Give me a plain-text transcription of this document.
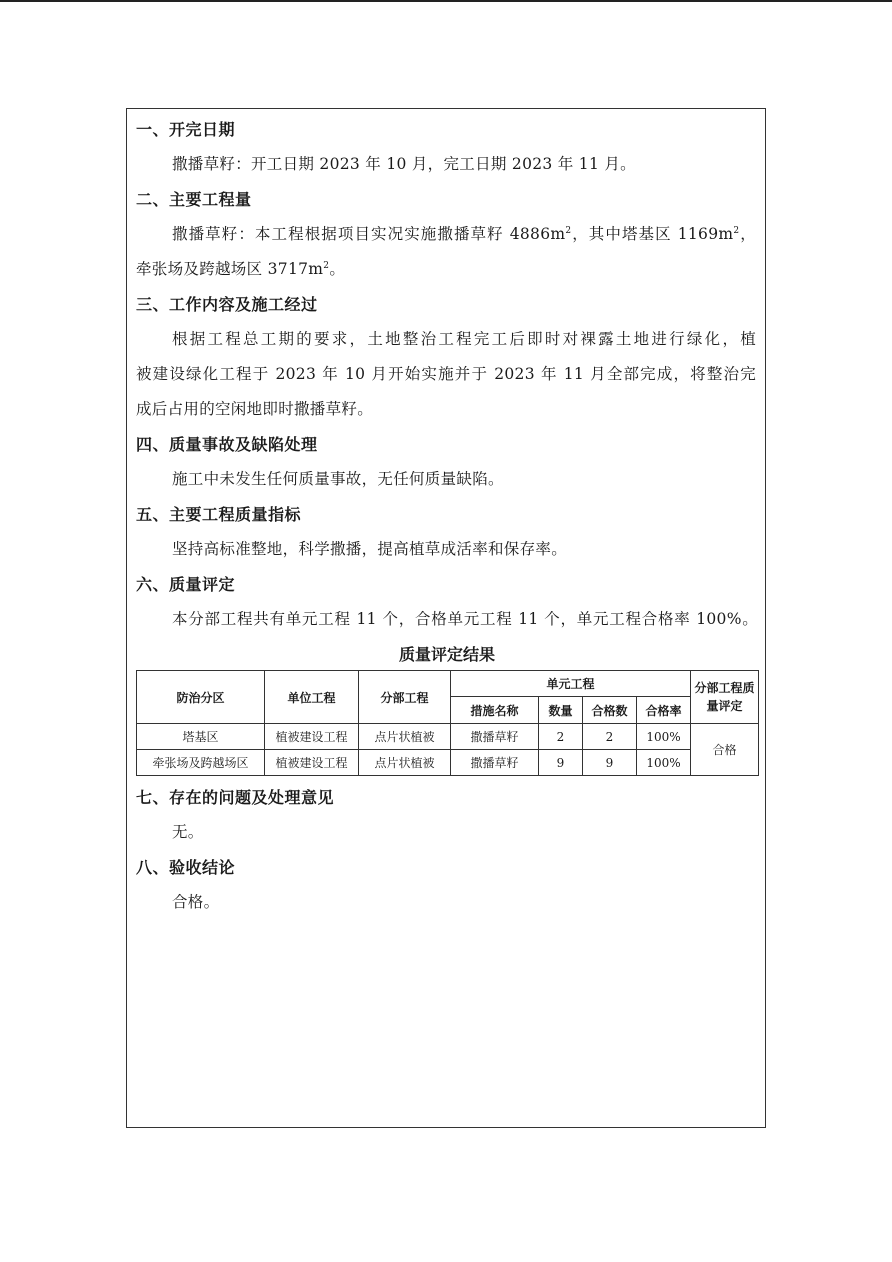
一、开完日期
撒播草籽：开工日期 2023 年 10 月，完工日期 2023 年 11 月。
二、主要工程量
撒播草籽：本工程根据项目实况实施撒播草籽 $4886m^2$，其中塔基区 $1169m^2$，
牵张场及跨越场区 $3717m^2$。
三、工作内容及施工经过
根据工程总工期的要求，土地整治工程完工后即时对裸露土地进行绿化，植
被建设绿化工程于 2023 年 10 月开始实施并于 2023 年 11 月全部完成，将整治完
成后占用的空闲地即时撒播草籽。
四、质量事故及缺陷处理
施工中未发生任何质量事故，无任何质量缺陷。
五、主要工程质量指标
坚持高标准整地，科学撒播，提高植草成活率和保存率。
六、质量评定
本分部工程共有单元工程 11 个，合格单元工程 11 个，单元工程合格率 100%。
质量评定结果
防治分区	单位工程	分部工程	单元工程				分部工程质量评定
			措施名称	数量	合格数	合格率	
塔基区	植被建设工程	点片状植被	撒播草籽	2	2	100%	合格
牵张场及跨越场区	植被建设工程	点片状植被	撒播草籽	9	9	100%	
七、存在的问题及处理意见
无。
八、验收结论
合格。
